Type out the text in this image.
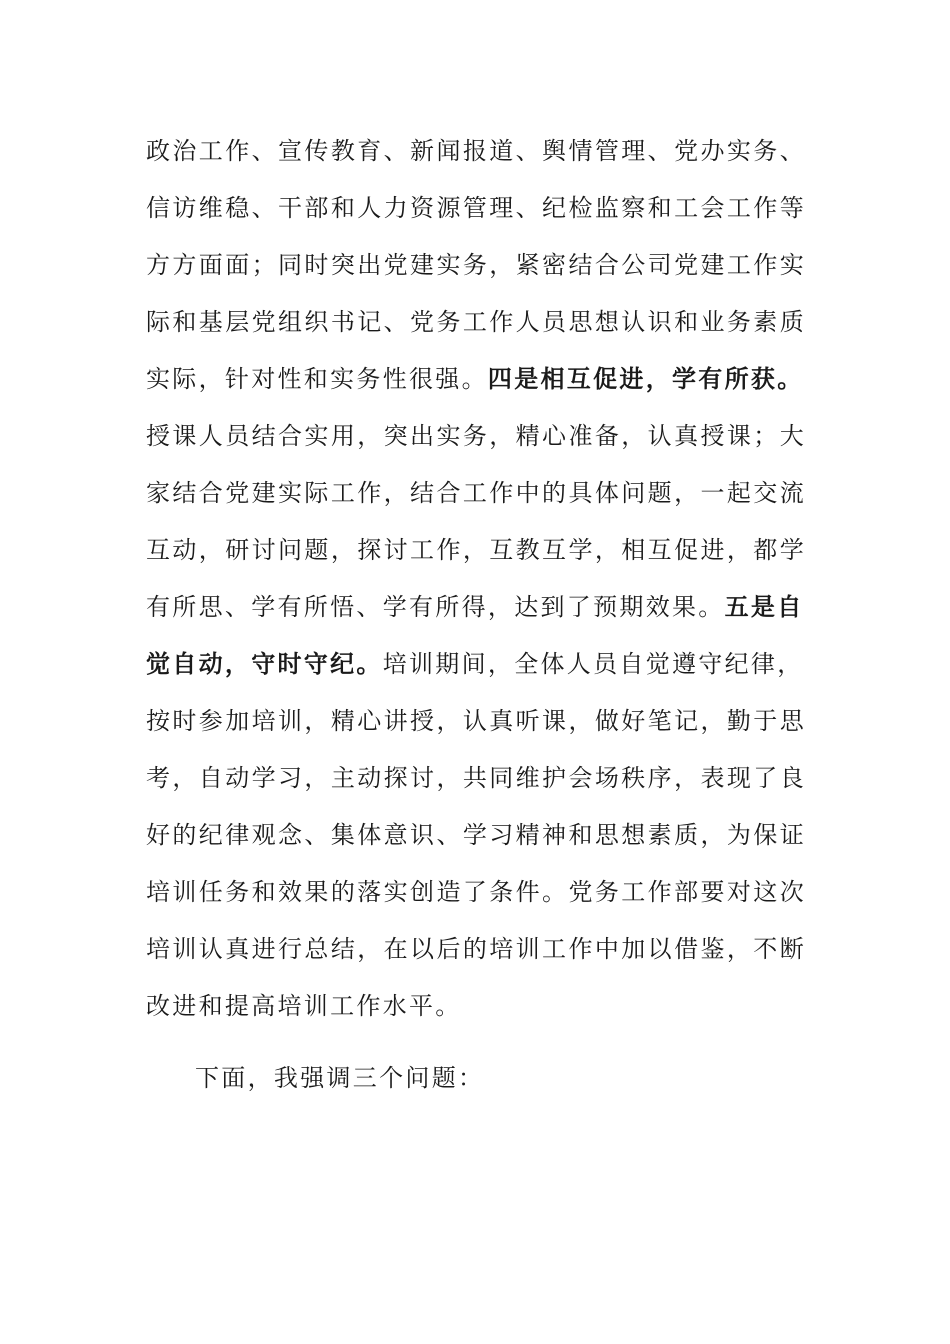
政治工作、宣传教育、新闻报道、舆情管理、党办实务、
信访维稳、干部和人力资源管理、纪检监察和工会工作等
方方面面；同时突出党建实务，紧密结合公司党建工作实
际和基层党组织书记、党务工作人员思想认识和业务素质
实际，针对性和实务性很强。四是相互促进，学有所获。
授课人员结合实用，突出实务，精心准备，认真授课；大
家结合党建实际工作，结合工作中的具体问题，一起交流
互动，研讨问题，探讨工作，互教互学，相互促进，都学
有所思、学有所悟、学有所得，达到了预期效果。五是自
觉自动，守时守纪。培训期间，全体人员自觉遵守纪律，
按时参加培训，精心讲授，认真听课，做好笔记，勤于思
考，自动学习，主动探讨，共同维护会场秩序，表现了良
好的纪律观念、集体意识、学习精神和思想素质，为保证
培训任务和效果的落实创造了条件。党务工作部要对这次
培训认真进行总结，在以后的培训工作中加以借鉴，不断
改进和提高培训工作水平。
下面，我强调三个问题：
